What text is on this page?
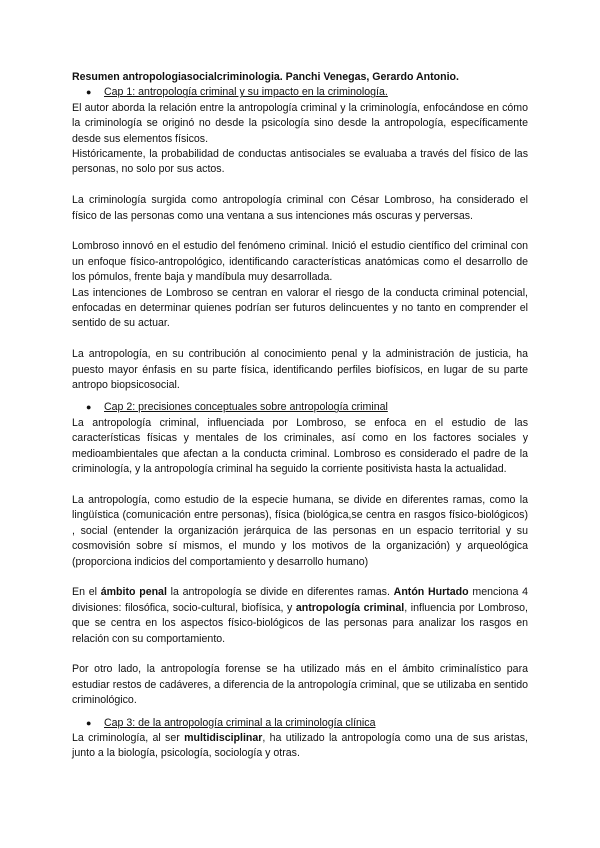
Resumen antropologiasocialcriminologia. Panchi Venegas, Gerardo Antonio.

● Cap 1: antropología criminal y su impacto en la criminología.

El autor aborda la relación entre la antropología criminal y la criminología, enfocándose en cómo la criminología se originó no desde la psicología sino desde la antropología, específicamente desde sus elementos físicos.

Históricamente, la probabilidad de conductas antisociales se evaluaba a través del físico de las personas, no solo por sus actos.

La criminología surgida como antropología criminal con César Lombroso, ha considerado el físico de las personas como una ventana a sus intenciones más oscuras y perversas.

Lombroso innovó en el estudio del fenómeno criminal. Inició el estudio científico del criminal con un enfoque físico-antropológico, identificando características anatómicas como el desarrollo de los pómulos, frente baja y mandíbula muy desarrollada.

Las intenciones de Lombroso se centran en valorar el riesgo de la conducta criminal potencial, enfocadas en determinar quienes podrían ser futuros delincuentes y no tanto en comprender el sentido de su actuar.

La antropología, en su contribución al conocimiento penal y la administración de justicia, ha puesto mayor énfasis en su parte física, identificando perfiles biofísicos, en lugar de su parte antropo biopsicosocial.

● Cap 2: precisiones conceptuales sobre antropología criminal

La antropología criminal, influenciada por Lombroso, se enfoca en el estudio de las características físicas y mentales de los criminales, así como en los factores sociales y medioambientales que afectan a la conducta criminal. Lombroso es considerado el padre de la criminología, y la antropología criminal ha seguido la corriente positivista hasta la actualidad.

La antropología, como estudio de la especie humana, se divide en diferentes ramas, como la lingüística (comunicación entre personas), física (biológica,se centra en rasgos físico-biológicos) , social (entender la organización jerárquica de las personas en un espacio territorial y su cosmovisión sobre sí mismos, el mundo y los motivos de la organización) y arqueológica (proporciona indicios del comportamiento y desarrollo humano)

En el ámbito penal la antropología se divide en diferentes ramas. Antón Hurtado menciona 4 divisiones: filosófica, socio-cultural, biofísica, y antropología criminal, influencia por Lombroso, que se centra en los aspectos físico-biológicos de las personas para analizar los rasgos en relación con su comportamiento.

Por otro lado, la antropología forense se ha utilizado más en el ámbito criminalístico para estudiar restos de cadáveres, a diferencia de la antropología criminal, que se utilizaba en sentido criminológico.

● Cap 3: de la antropología criminal a la criminología clínica

La criminología, al ser multidisciplinar, ha utilizado la antropología como una de sus aristas, junto a la biología, psicología, sociología y otras.
